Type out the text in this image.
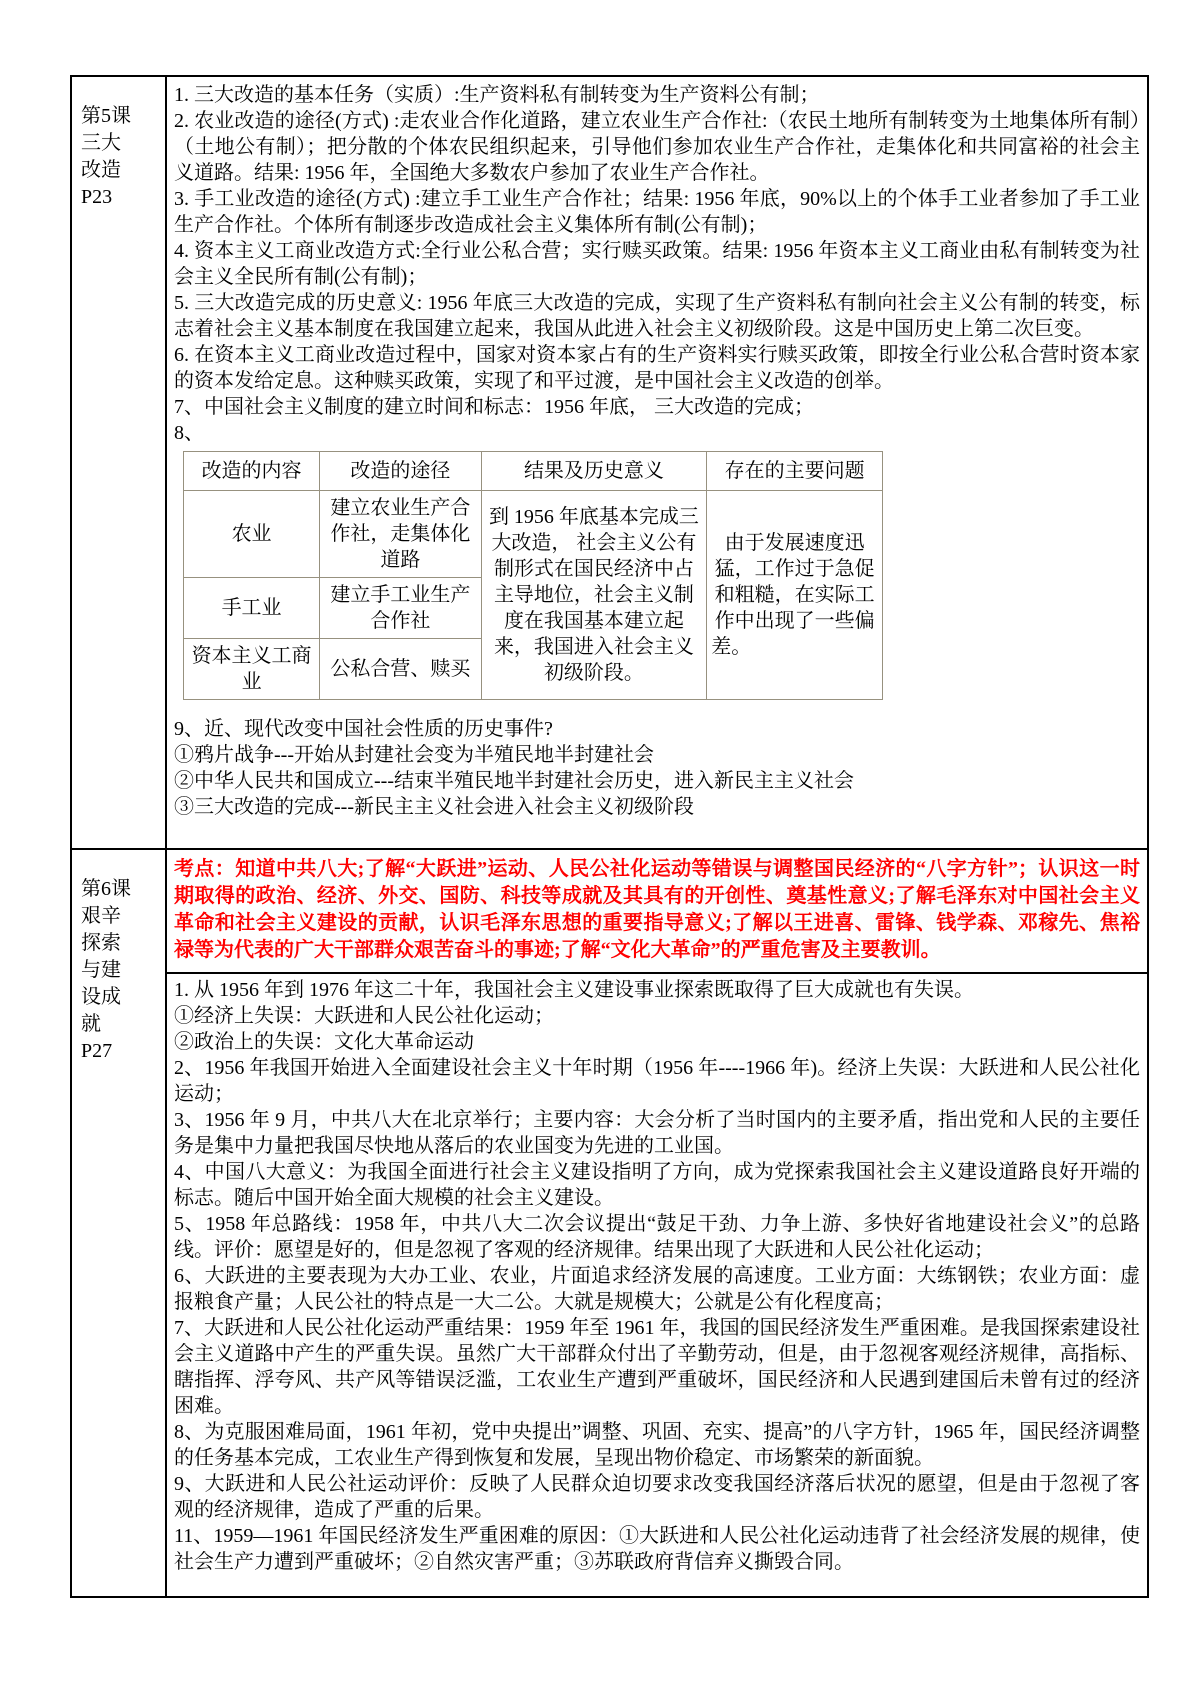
第5课
三大
改造
P23

1. 三大改造的基本任务（实质）:生产资料私有制转变为生产资料公有制；
2. 农业改造的途径(方式) :走农业合作化道路，建立农业生产合作社:（农民土地所有制转变为土地集体所有制）（土地公有制）；把分散的个体农民组织起来，引导他们参加农业生产合作社，走集体化和共同富裕的社会主义道路。结果: 1956 年，全国绝大多数农户参加了农业生产合作社。
3. 手工业改造的途径(方式) :建立手工业生产合作社；结果: 1956 年底，90%以上的个体手工业者参加了手工业生产合作社。个体所有制逐步改造成社会主义集体所有制(公有制)；
4. 资本主义工商业改造方式:全行业公私合营；实行赎买政策。结果: 1956 年资本主义工商业由私有制转变为社会主义全民所有制(公有制)；
5. 三大改造完成的历史意义: 1956 年底三大改造的完成，实现了生产资料私有制向社会主义公有制的转变，标志着社会主义基本制度在我国建立起来，我国从此进入社会主义初级阶段。这是中国历史上第二次巨变。
6. 在资本主义工商业改造过程中，国家对资本家占有的生产资料实行赎买政策，即按全行业公私合营时资本家的资本发给定息。这种赎买政策，实现了和平过渡，是中国社会主义改造的创举。
7、中国社会主义制度的建立时间和标志：1956 年底， 三大改造的完成；
8、
改造的内容	改造的途径	结果及历史意义	存在的主要问题
农业	建立农业生产合作社，走集体化道路	到 1956 年底基本完成三大改造， 社会主义公有制形式在国民经济中占主导地位，社会主义制度在我国基本建立起来，我国进入社会主义初级阶段。	由于发展速度迅猛，工作过于急促和粗糙，在实际工作中出现了一些偏差。
手工业	建立手工业生产合作社
资本主义工商业	公私合营、赎买
9、近、现代改变中国社会性质的历史事件?
①鸦片战争---开始从封建社会变为半殖民地半封建社会
②中华人民共和国成立---结束半殖民地半封建社会历史，进入新民主主义社会
③三大改造的完成---新民主主义社会进入社会主义初级阶段

第6课
艰辛
探索
与建
设成
就
P27

考点：知道中共八大;了解“大跃进”运动、人民公社化运动等错误与调整国民经济的“八字方针”；认识这一时期取得的政治、经济、外交、国防、科技等成就及其具有的开创性、奠基性意义;了解毛泽东对中国社会主义革命和社会主义建设的贡献，认识毛泽东思想的重要指导意义;了解以王进喜、雷锋、钱学森、邓稼先、焦裕禄等为代表的广大干部群众艰苦奋斗的事迹;了解“文化大革命”的严重危害及主要教训。
1. 从 1956 年到 1976 年这二十年，我国社会主义建设事业探索既取得了巨大成就也有失误。
①经济上失误：大跃进和人民公社化运动；
②政治上的失误：文化大革命运动
2、1956 年我国开始进入全面建设社会主义十年时期（1956 年----1966 年)。经济上失误：大跃进和人民公社化运动；
3、1956 年 9 月，中共八大在北京举行；主要内容：大会分析了当时国内的主要矛盾，指出党和人民的主要任务是集中力量把我国尽快地从落后的农业国变为先进的工业国。
4、中国八大意义：为我国全面进行社会主义建设指明了方向，成为党探索我国社会主义建设道路良好开端的标志。随后中国开始全面大规模的社会主义建设。
5、1958 年总路线：1958 年，中共八大二次会议提出“鼓足干劲、力争上游、多快好省地建设社会义”的总路线。评价：愿望是好的，但是忽视了客观的经济规律。结果出现了大跃进和人民公社化运动；
6、大跃进的主要表现为大办工业、农业，片面追求经济发展的高速度。工业方面：大练钢铁；农业方面：虚报粮食产量；人民公社的特点是一大二公。大就是规模大；公就是公有化程度高；
7、大跃进和人民公社化运动严重结果：1959 年至 1961 年，我国的国民经济发生严重困难。是我国探索建设社会主义道路中产生的严重失误。虽然广大干部群众付出了辛勤劳动，但是，由于忽视客观经济规律，高指标、瞎指挥、浮夸风、共产风等错误泛滥，工农业生产遭到严重破坏，国民经济和人民遇到建国后未曾有过的经济困难。
8、为克服困难局面，1961 年初，党中央提出”调整、巩固、充实、提高”的八字方针，1965 年，国民经济调整的任务基本完成，工农业生产得到恢复和发展，呈现出物价稳定、市场繁荣的新面貌。
9、大跃进和人民公社运动评价：反映了人民群众迫切要求改变我国经济落后状况的愿望，但是由于忽视了客观的经济规律，造成了严重的后果。
11、1959—1961 年国民经济发生严重困难的原因：①大跃进和人民公社化运动违背了社会经济发展的规律，使社会生产力遭到严重破坏；②自然灾害严重；③苏联政府背信弃义撕毁合同。
